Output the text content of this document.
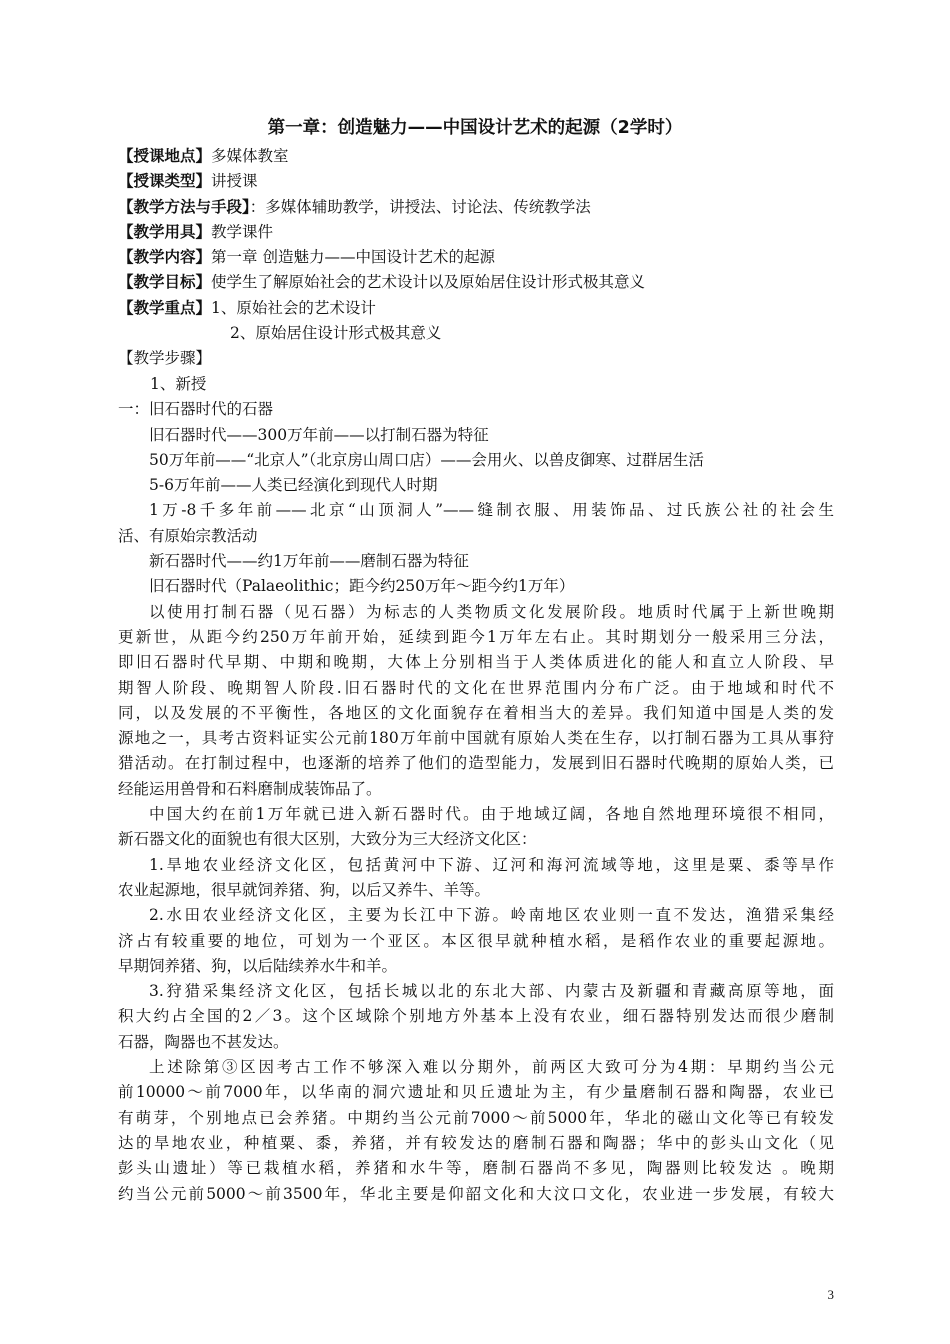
第一章：创造魅力——中国设计艺术的起源（2学时）
【授课地点】多媒体教室
【授课类型】讲授课
【教学方法与手段】：多媒体辅助教学，讲授法、讨论法、传统教学法
【教学用具】教学课件
【教学内容】第一章 创造魅力——中国设计艺术的起源
【教学目标】使学生了解原始社会的艺术设计以及原始居住设计形式极其意义
【教学重点】1、原始社会的艺术设计
2、原始居住设计形式极其意义
【教学步骤】
1、新授
一：旧石器时代的石器
旧石器时代——300万年前——以打制石器为特征
50万年前——“北京人”（北京房山周口店）——会用火、以兽皮御寒、过群居生活
5-6万年前——人类已经演化到现代人时期
1万-8千多年前——北京“山顶洞人”——缝制衣服、用装饰品、过氏族公社的社会生
活、有原始宗教活动
新石器时代——约1万年前——磨制石器为特征
旧石器时代（Palaeolithic；距今约250万年～距今约1万年）
以使用打制石器（见石器）为标志的人类物质文化发展阶段。地质时代属于上新世晚期
更新世，从距今约250万年前开始，延续到距今1万年左右止。其时期划分一般采用三分法，
即旧石器时代早期、中期和晚期，大体上分别相当于人类体质进化的能人和直立人阶段、早
期智人阶段、晚期智人阶段.旧石器时代的文化在世界范围内分布广泛。由于地域和时代不
同，以及发展的不平衡性，各地区的文化面貌存在着相当大的差异。我们知道中国是人类的发
源地之一，具考古资料证实公元前180万年前中国就有原始人类在生存，以打制石器为工具从事狩
猎活动。在打制过程中，也逐渐的培养了他们的造型能力，发展到旧石器时代晚期的原始人类，已
经能运用兽骨和石料磨制成装饰品了。
中国大约在前1万年就已进入新石器时代。由于地域辽阔，各地自然地理环境很不相同，
新石器文化的面貌也有很大区别，大致分为三大经济文化区：
1.旱地农业经济文化区，包括黄河中下游、辽河和海河流域等地，这里是粟、黍等旱作
农业起源地，很早就饲养猪、狗，以后又养牛、羊等。
2.水田农业经济文化区，主要为长江中下游。岭南地区农业则一直不发达，渔猎采集经
济占有较重要的地位，可划为一个亚区。本区很早就种植水稻，是稻作农业的重要起源地。
早期饲养猪、狗，以后陆续养水牛和羊。
3.狩猎采集经济文化区，包括长城以北的东北大部、内蒙古及新疆和青藏高原等地，面
积大约占全国的2／3。这个区域除个别地方外基本上没有农业，细石器特别发达而很少磨制
石器，陶器也不甚发达。
上述除第③区因考古工作不够深入难以分期外，前两区大致可分为4期：早期约当公元
前10000～前7000年，以华南的洞穴遗址和贝丘遗址为主，有少量磨制石器和陶器，农业已
有萌芽，个别地点已会养猪。中期约当公元前7000～前5000年，华北的磁山文化等已有较发
达的旱地农业，种植粟、黍，养猪，并有较发达的磨制石器和陶器；华中的彭头山文化（见
彭头山遗址）等已栽植水稻，养猪和水牛等，磨制石器尚不多见，陶器则比较发达 。晚期
约当公元前5000～前3500年，华北主要是仰韶文化和大汶口文化，农业进一步发展，有较大
3
